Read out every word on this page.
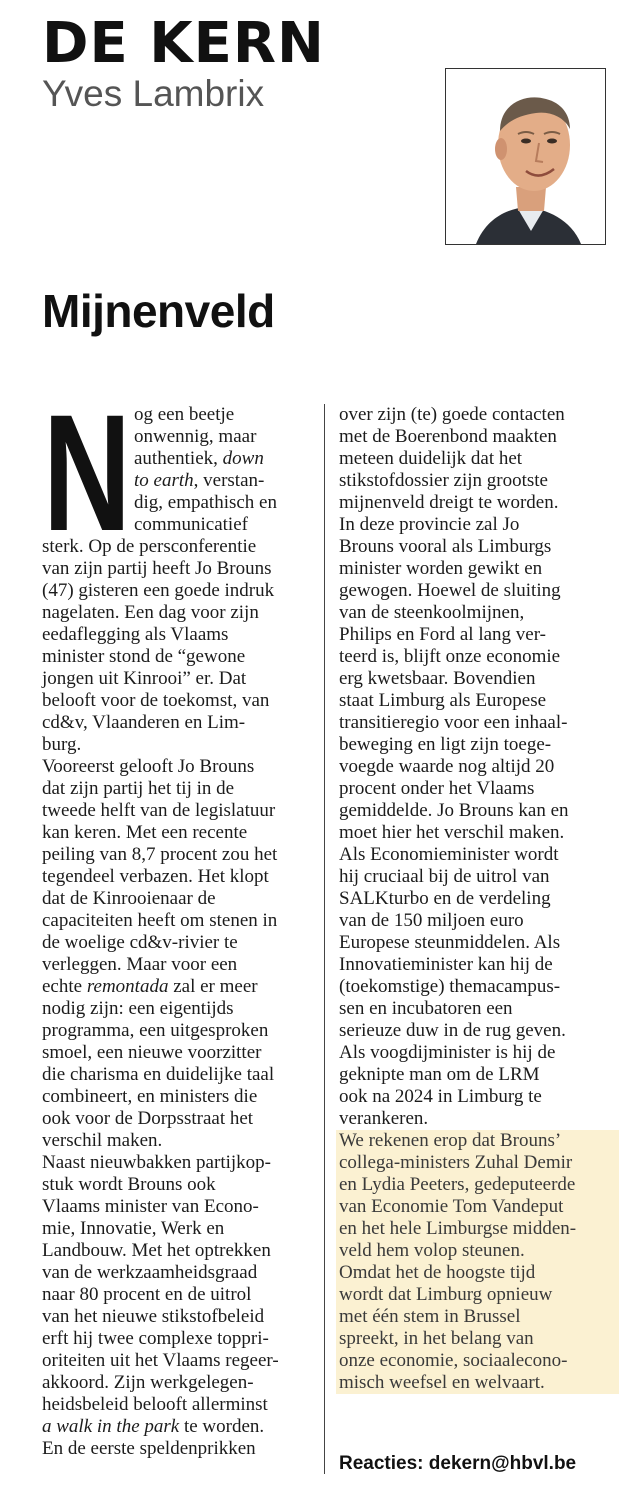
DE KERN
Yves Lambrix
Mijnenveld
N og een beetje
onwennig, maar
authentiek, down
to earth, verstan-
dig, empathisch en
communicatief
sterk. Op de persconferentie
van zijn partij heeft Jo Brouns
(47) gisteren een goede indruk
nagelaten. Een dag voor zijn
eedaflegging als Vlaams
minister stond de “gewone
jongen uit Kinrooi” er. Dat
belooft voor de toekomst, van
cd&v, Vlaanderen en Lim-
burg.
Vooreerst gelooft Jo Brouns
dat zijn partij het tij in de
tweede helft van de legislatuur
kan keren. Met een recente
peiling van 8,7 procent zou het
tegendeel verbazen. Het klopt
dat de Kinrooienaar de
capaciteiten heeft om stenen in
de woelige cd&v-rivier te
verleggen. Maar voor een
echte remontada zal er meer
nodig zijn: een eigentijds
programma, een uitgesproken
smoel, een nieuwe voorzitter
die charisma en duidelijke taal
combineert, en ministers die
ook voor de Dorpsstraat het
verschil maken.
Naast nieuwbakken partijkop-
stuk wordt Brouns ook
Vlaams minister van Econo-
mie, Innovatie, Werk en
Landbouw. Met het optrekken
van de werkzaamheidsgraad
naar 80 procent en de uitrol
van het nieuwe stikstofbeleid
erft hij twee complexe toppri-
oriteiten uit het Vlaams regeer-
akkoord. Zijn werkgelegen-
heidsbeleid belooft allerminst
a walk in the park te worden.
En de eerste speldenprikken
over zijn (te) goede contacten
met de Boerenbond maakten
meteen duidelijk dat het
stikstofdossier zijn grootste
mijnenveld dreigt te worden.
In deze provincie zal Jo
Brouns vooral als Limburgs
minister worden gewikt en
gewogen. Hoewel de sluiting
van de steenkoolmijnen,
Philips en Ford al lang ver-
teerd is, blijft onze economie
erg kwetsbaar. Bovendien
staat Limburg als Europese
transitieregio voor een inhaal-
beweging en ligt zijn toege-
voegde waarde nog altijd 20
procent onder het Vlaams
gemiddelde. Jo Brouns kan en
moet hier het verschil maken.
Als Economieminister wordt
hij cruciaal bij de uitrol van
SALKturbo en de verdeling
van de 150 miljoen euro
Europese steunmiddelen. Als
Innovatieminister kan hij de
(toekomstige) themacampus-
sen en incubatoren een
serieuze duw in de rug geven.
Als voogdijminister is hij de
geknipte man om de LRM
ook na 2024 in Limburg te
verankeren.
We rekenen erop dat Brouns’
collega-ministers Zuhal Demir
en Lydia Peeters, gedeputeerde
van Economie Tom Vandeput
en het hele Limburgse midden-
veld hem volop steunen.
Omdat het de hoogste tijd
wordt dat Limburg opnieuw
met één stem in Brussel
spreekt, in het belang van
onze economie, sociaalecono-
misch weefsel en welvaart.

Reacties: dekern@hbvl.be
